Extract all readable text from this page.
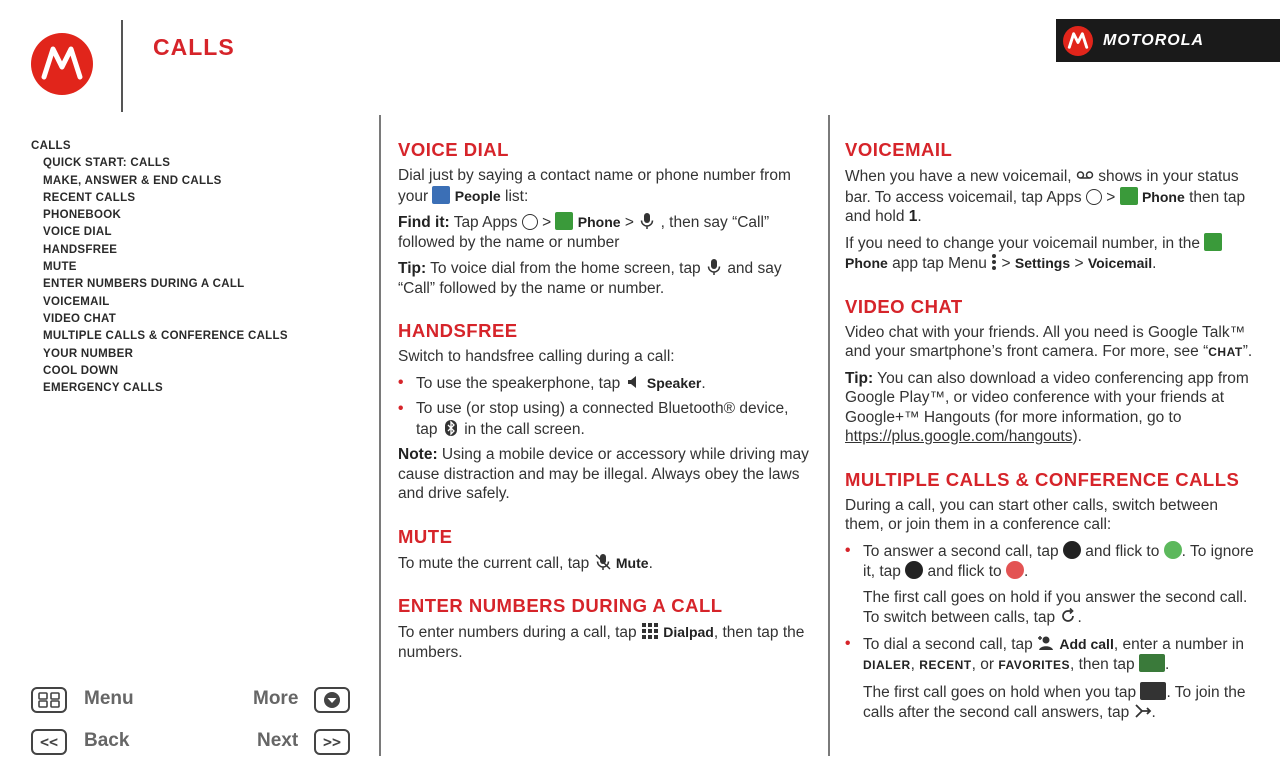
CALLS	MOTOROLA
CALLS
QUICK START: CALLS
MAKE, ANSWER & END CALLS
RECENT CALLS
PHONEBOOK
VOICE DIAL
HANDSFREE
MUTE
ENTER NUMBERS DURING A CALL
VOICEMAIL
VIDEO CHAT
MULTIPLE CALLS & CONFERENCE CALLS
YOUR NUMBER
COOL DOWN
EMERGENCY CALLS
VOICE DIAL

Dial just by saying a contact name or phone number from your People list:

Find it: Tap Apps > Phone > , then say “Call” followed by the name or number

Tip: To voice dial from the home screen, tap and say “Call” followed by the name or number.

HANDSFREE

Switch to handsfree calling during a call:

• To use the speakerphone, tap Speaker.
• To use (or stop using) a connected Bluetooth® device, tap in the call screen.

Note: Using a mobile device or accessory while driving may cause distraction and may be illegal. Always obey the laws and drive safely.

MUTE

To mute the current call, tap Mute.

ENTER NUMBERS DURING A CALL

To enter numbers during a call, tap Dialpad, then tap the numbers.

VOICEMAIL

When you have a new voicemail, shows in your status bar. To access voicemail, tap Apps > Phone then tap and hold 1.

If you need to change your voicemail number, in the  Phone app tap Menu > Settings > Voicemail.

VIDEO CHAT

Video chat with your friends. All you need is Google Talk™ and your smartphone’s front camera. For more, see “CHAT”.

Tip: You can also download a video conferencing app from Google Play™, or video conference with your friends at Google+™ Hangouts (for more information, go to https://plus.google.com/hangouts).

MULTIPLE CALLS & CONFERENCE CALLS

During a call, you can start other calls, switch between them, or join them in a conference call:

• To answer a second call, tap and flick to . To ignore it, tap and flick to .
The first call goes on hold if you answer the second call. To switch between calls, tap .
• To dial a second call, tap Add call, enter a number in DIALER, RECENT, or FAVORITES, then tap .
The first call goes on hold when you tap . To join the calls after the second call answers, tap .
Menu	More
<<	Back	Next	>>
